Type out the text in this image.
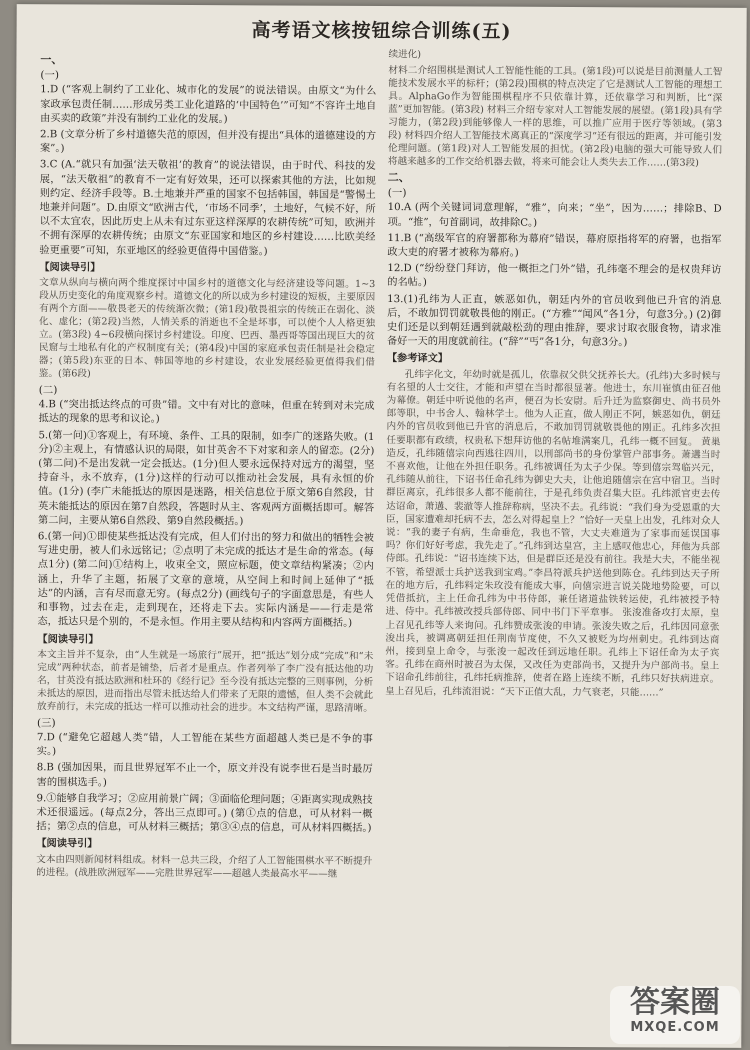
高考语文核按钮综合训练(五)
一、
(一)
1.D (“客观上制约了工业化、城市化的发展”的说法错误。由原文“为什么家政承包责任制……形成另类工业化道路的‘中国特色’”可知“不容许土地自由买卖的政策”并没有制约工业化的发展。)
2.B (文章分析了乡村道德失范的原因，但并没有提出“具体的道德建设的方案”。)
3.C (A.“就只有加强‘法天敬祖’的教育”的说法错误，由于时代、科技的发展，“法天敬祖”的教育不一定有好效果，还可以探索其他的方法，比如规则约定、经济手段等。B.土地兼并严重的国家不包括韩国，韩国是“警惕土地兼并问题”。D.由原文“欧洲古代，‘市场不同季’，土地好，气候不好，所以不太宜农，因此历史上从未有过东亚这样深厚的农耕传统”可知，欧洲并不拥有深厚的农耕传统；由原文“东亚国家和地区的乡村建设……比欧美经验更重要”可知，东亚地区的经验更值得中国借鉴。)
【阅读导引】
文章从纵向与横向两个维度探讨中国乡村的道德文化与经济建设等问题。1~3段从历史变化的角度观察乡村。道德文化的所以成为乡村建设的短板，主要原因有两个方面——敬畏老天的传统渐次微；(第1段)敬畏祖宗的传统正在弱化、淡化、虚化；(第2段)当然，人情关系的消逝也不全是坏事，可以使个人人格更独立。(第3段) 4~6段横向探讨乡村建设。印度、巴西、墨西哥等国出现巨大的贫民窟与土地私有化的产权制度有关；(第4段)中国的家庭承包责任制是社会稳定器；(第5段)东亚的日本、韩国等地的乡村建设，农业发展经验更值得我们借鉴。(第6段)
(二)
4.B (“突出抵达终点的可贵”错。文中有对比的意味，但重在转到对未完成抵达的现象的思考和议论。)
5.(第一问)①客观上，有环境、条件、工具的限制，如李广的迷路失败。(1分)②主观上，有情感认识的局限，如甘英舍不下对家和亲人的留恋。(2分) (第二问)不是出发就一定会抵达。(1分)但人要永远保持对远方的渴望，坚持奋斗，永不放弃，(1分)这样的行动可以推动社会发展，具有永恒的价值。(1分) (李广未能抵达的原因是迷路，相关信息位于原文第6自然段，甘英未能抵达的原因在第7自然段，答题时从主、客观两方面概括即可。解答第二问，主要从第6自然段、第9自然段概括。)
6.(第一问)①即使某些抵达没有完成，但人们付出的努力和做出的牺牲会被写进史册，被人们永远铭记；②点明了未完成的抵达才是生命的常态。(每点1分) (第二问)①结构上，收束全文，照应标题，使文章结构紧凑；②内涵上，升华了主题，拓展了文章的意境，从空间上和时间上延伸了“抵达”的内涵，言有尽而意无穷。(每点2分) (画线句子的字面意思是，有些人和事物，过去在走，走到现在，还将走下去。实际内涵是——行走是常态，抵达只是个别的，不是永恒。作用主要从结构和内容两方面概括。)
【阅读导引】
本文主旨并不复杂，由“人生就是一场旅行”展开，把“抵达”划分成“完成”和“未完成”两种状态，前者是铺垫，后者才是重点。作者列举了李广没有抵达他的功名，甘英没有抵达欧洲和杜环的《经行记》至今没有抵达完整的三则事例，分析未抵达的原因，进而指出尽管未抵达给人们带来了无限的遗憾，但人类不会就此放弃前行，未完成的抵达一样可以推动社会的进步。本文结构严谨，思路清晰。
(三)
7.D (“避免它超越人类”错，人工智能在某些方面超越人类已是不争的事实。)
8.B (强加因果，而且世界冠军不止一个，原文并没有说李世石是当时最厉害的围棋选手。)
9.①能够自我学习；②应用前景广阔；③面临伦理问题；④距离实现成熟技术还很遥远。(每点2分，答出三点即可。) (第①点的信息，可从材料一概括；第②点的信息，可从材料三概括；第③④点的信息，可从材料四概括。)
【阅读导引】
文本由四则新闻材料组成。材料一总共三段，介绍了人工智能围棋水平不断提升的进程。(战胜欧洲冠军——完胜世界冠军——超越人类最高水平——继
续进化)
材料二介绍围棋是测试人工智能性能的工具。(第1段)可以说是目前测量人工智能技术发展水平的标杆；(第2段)围棋的特点决定了它是测试人工智能的理想工具。AlphaGo作为智能围棋程序不只依靠计算，还依靠学习和判断，比“深蓝”更加智能。(第3段) 材料三介绍专家对人工智能发展的展望。(第1段)具有学习能力，(第2段)到能够像人一样的思维，可以推广应用于医疗等领域。(第3段) 材料四介绍人工智能技术离真正的“深度学习”还有很远的距离，并可能引发伦理问题。(第1段)对人工智能发展的担忧。(第2段)电脑的强大可能导致人们将越来越多的工作交给机器去做，将来可能会让人类失去工作……(第3段)
二、
(一)
10.A (两个关键词词意理解，“雅”，向来；“坐”，因为……；排除B、D项。“推”，句首副词，故排除C。)
11.B (“高级军官的府署都称为幕府”错误，幕府原指将军的府署，也指军政大吏的府署才被称为幕府。)
12.D (“纷纷登门拜访，他一概拒之门外”错，孔纬毫不理会的是权贵拜访的名帖。)
13.(1)孔纬为人正直，嫉恶如仇，朝廷内外的官员收到他已升官的消息后，不敢加罚罚就敬畏他的刚正。(“方雅”“闻风”各1分，句意3分。) (2)御史们还是以到朝廷遇到就敲松劲的理由推辞，要求讨取衣服食物，请求准备好一天的用度就前往。(“辞”“丐”各1分，句意3分。)
【参考译文】
孔纬字化文，年幼时就是孤儿，依靠叔父供父抚养长大。(孔纬)大多时候与有名望的人士交往，才能和声望在当时都很显著。他进士，东川崔慎由征召他为幕僚。朝廷中听说他的名声，便召为长安尉。后升迁为监察御史、尚书员外郎等职，中书舍人、翰林学士。他为人正直，做人刚正不阿，嫉恶如仇，朝廷内外的官员收到他已升官的消息后，不敢加罚罚就敬畏他的刚正。孔纬多次担任要职都有政绩，权贵私下想拜访他的名帖堆满案几，孔纬一概不回复。 黄巢造反，孔纬随僖宗向西逃往四川，以刑部尚书的身份掌管户部事务。萧遘当时不喜欢他，让他在外担任职务。孔纬被调任为太子少保。等到僖宗驾临兴元，孔纬随从前往，下诏书任命孔纬为御史大夫，让他追随僖宗在宫中宿卫。当时群臣离京，孔纬很多人都不能前往，于是孔纬负责召集大臣。孔纬派官吏去传达诏命，萧遘、裴澈等人推辞称病，坚决不去。孔纬说：“我们身为受恩重的大臣，国家遭难却托病不去，怎么对得起皇上？”恰好一天皇上出发，孔纬对众人说：“我的妻子有病，生命垂危，我也不管，大丈夫难道为了家事而延误国事吗？你们好好考虑，我先走了。”孔纬到达皇宫，主上感叹他忠心，拜他为兵部侍郎。孔纬说：“诏书连续下达，但是群臣还是没有前往。我是大夫，不能坐视不管，希望派士兵护送我到宝鸡。”李昌符派兵护送他到陈仓。孔纬到达天子所在的地方后，孔纬料定朱玫没有能成大事，向僖宗进言说关陇地势险要，可以凭借抵抗，主上任命孔纬为中书侍郎，兼任诸道盐铁转运使，孔纬被授予特进、侍中。孔纬被改授兵部侍郎、同中书门下平章事。 张浚准备攻打太原，皇上召见孔纬等人来询问。孔纬赞成张浚的申请。张浚失败之后，孔纬因同意张浚出兵，被调离朝廷担任荆南节度使，不久又被贬为均州刺史。孔纬到达商州，接到皇上命令，与张浚一起改任到远地任职。孔纬上下诏任命为太子宾客。孔纬在商州时被召为太保，又改任为吏部尚书，又提升为户部尚书。皇上下诏命孔纬前往，孔纬托病推辞，使者在路上连续不断，孔纬只好扶病进京。皇上召见后，孔纬流泪说：“天下正值大乱，力气衰老，只能……”
答案圈
MXQE.COM
